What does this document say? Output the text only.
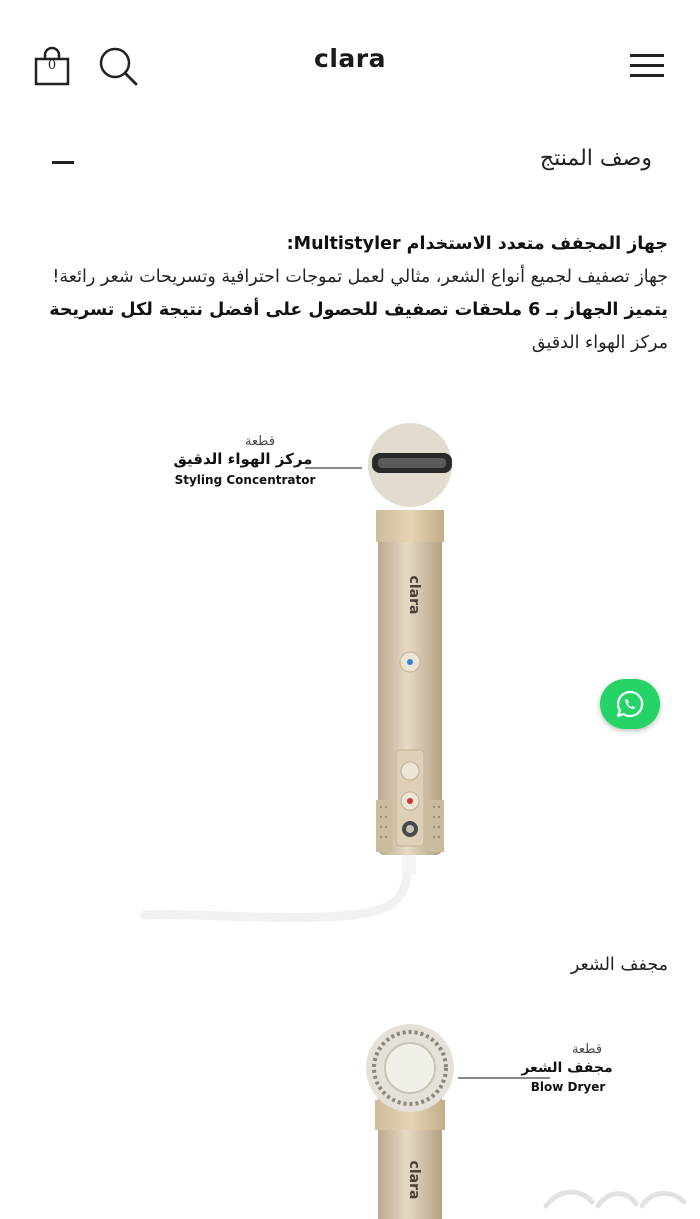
0	clara
وصف المنتج

جهاز المجفف متعدد الاستخدام Multistyler:

جهاز تصفيف لجميع أنواع الشعر، مثالي لعمل تموجات احترافية وتسريحات شعر رائعة!

يتميز الجهاز بـ 6 ملحقات تصفيف للحصول على أفضل نتيجة لكل تسريحة

مركز الهواء الدقيق

clara
قطعة
مركز الهواء الدقيق
Styling Concentrator
مجفف الشعر
clara
قطعة
مجفف الشعر
Blow Dryer
